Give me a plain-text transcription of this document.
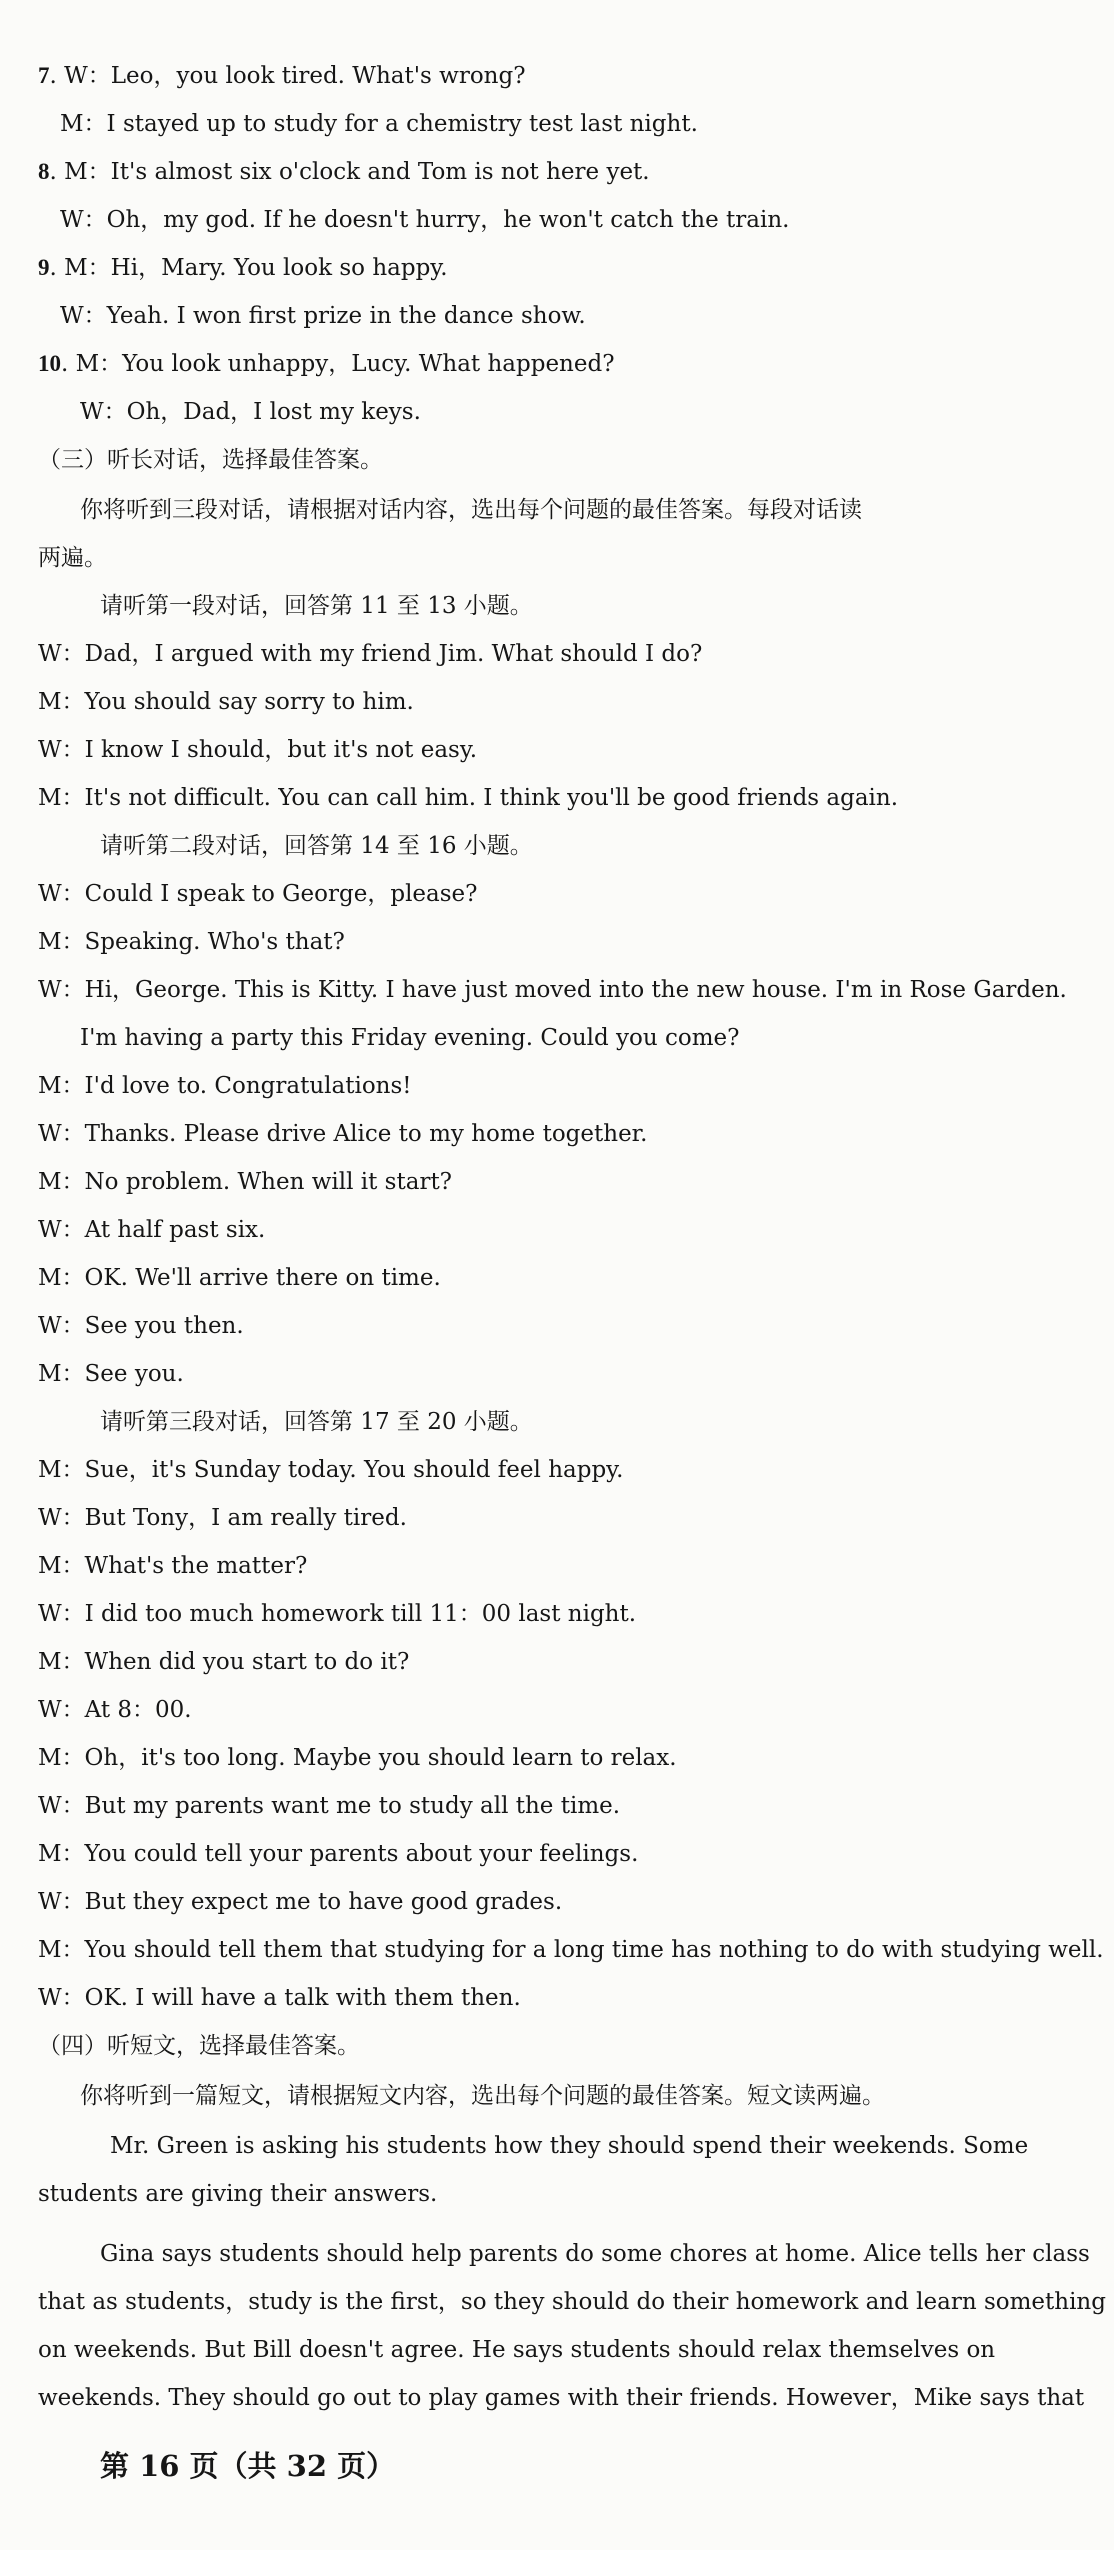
7. W：Leo，you look tired. What's wrong?
M：I stayed up to study for a chemistry test last night.
8. M：It's almost six o'clock and Tom is not here yet.
W：Oh，my god. If he doesn't hurry，he won't catch the train.
9. M：Hi，Mary. You look so happy.
W：Yeah. I won first prize in the dance show.
10. M：You look unhappy，Lucy. What happened?
W：Oh，Dad，I lost my keys.
（三）听长对话，选择最佳答案。
你将听到三段对话，请根据对话内容，选出每个问题的最佳答案。每段对话读
两遍。
请听第一段对话，回答第 11 至 13 小题。
W：Dad，I argued with my friend Jim. What should I do?
M：You should say sorry to him.
W：I know I should，but it's not easy.
M：It's not difficult. You can call him. I think you'll be good friends again.
请听第二段对话，回答第 14 至 16 小题。
W：Could I speak to George，please?
M：Speaking. Who's that?
W：Hi，George. This is Kitty. I have just moved into the new house. I'm in Rose Garden.
I'm having a party this Friday evening. Could you come?
M：I'd love to. Congratulations!
W：Thanks. Please drive Alice to my home together.
M：No problem. When will it start?
W：At half past six.
M：OK. We'll arrive there on time.
W：See you then.
M：See you.
请听第三段对话，回答第 17 至 20 小题。
M：Sue，it's Sunday today. You should feel happy.
W：But Tony，I am really tired.
M：What's the matter?
W：I did too much homework till 11：00 last night.
M：When did you start to do it?
W：At 8：00.
M：Oh，it's too long. Maybe you should learn to relax.
W：But my parents want me to study all the time.
M：You could tell your parents about your feelings.
W：But they expect me to have good grades.
M：You should tell them that studying for a long time has nothing to do with studying well.
W：OK. I will have a talk with them then.
（四）听短文，选择最佳答案。
你将听到一篇短文，请根据短文内容，选出每个问题的最佳答案。短文读两遍。
Mr. Green is asking his students how they should spend their weekends. Some
students are giving their answers.
Gina says students should help parents do some chores at home. Alice tells her class
that as students，study is the first，so they should do their homework and learn something
on weekends. But Bill doesn't agree. He says students should relax themselves on
weekends. They should go out to play games with their friends. However，Mike says that
第 16 页（共 32 页）
